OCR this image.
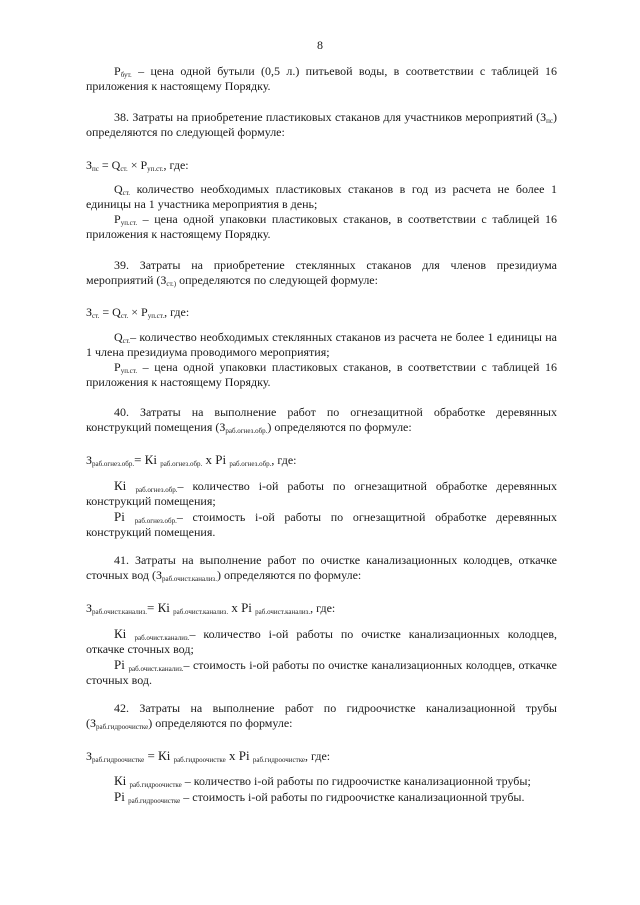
8

Рбут. – цена одной бутыли (0,5 л.) питьевой воды, в соответствии с таблицей 16 приложения к настоящему Порядку.

38. Затраты на приобретение пластиковых стаканов для участников мероприятий (Зпс) определяются по следующей формуле:

Зпс = Qст. × Руп.ст., где:

Qст. количество необходимых пластиковых стаканов в год из расчета не более 1 единицы на 1 участника мероприятия в день;

Руп.ст. – цена одной упаковки пластиковых стаканов, в соответствии с таблицей 16 приложения к настоящему Порядку.

39. Затраты на приобретение стеклянных стаканов для членов президиума мероприятий (Зст.) определяются по следующей формуле:

Зст. = Qст. × Руп.ст., где:

Qст.– количество необходимых стеклянных стаканов из расчета не более 1 единицы на 1 члена президиума проводимого мероприятия;

Руп.ст. – цена одной упаковки пластиковых стаканов, в соответствии с таблицей 16 приложения к настоящему Порядку.

40. Затраты на выполнение работ по огнезащитной обработке деревянных конструкций помещения (Зраб.огнез.обр.) определяются по формуле:

Зраб.огнез.обр.= Кi раб.огнез.обр. х Рi раб.огнез.обр., где:

Кi раб.огнез.обр.– количество i-ой работы по огнезащитной обработке деревянных конструкций помещения;

Рi раб.огнез.обр.– стоимость i-ой работы по огнезащитной обработке деревянных конструкций помещения.

41. Затраты на выполнение работ по очистке канализационных колодцев, откачке сточных вод (Зраб.очист.канализ.) определяются по формуле:

Зраб.очист.канализ.= Кi раб.очист.канализ. х Рi раб.очист.канализ., где:

Кi раб.очист.канализ.– количество i-ой работы по очистке канализационных колодцев, откачке сточных вод;

Рi раб.очист.канализ.– стоимость i-ой работы по очистке канализационных колодцев, откачке сточных вод.

42. Затраты на выполнение работ по гидроочистке канализационной трубы (Зраб.гидроочистке) определяются по формуле:

Зраб.гидроочистке = Кi раб.гидроочистке х Рi раб.гидроочистке, где:

Кi раб.гидроочистке – количество i-ой работы по гидроочистке канализационной трубы;

Рi раб.гидроочистке – стоимость i-ой работы по гидроочистке канализационной трубы.
